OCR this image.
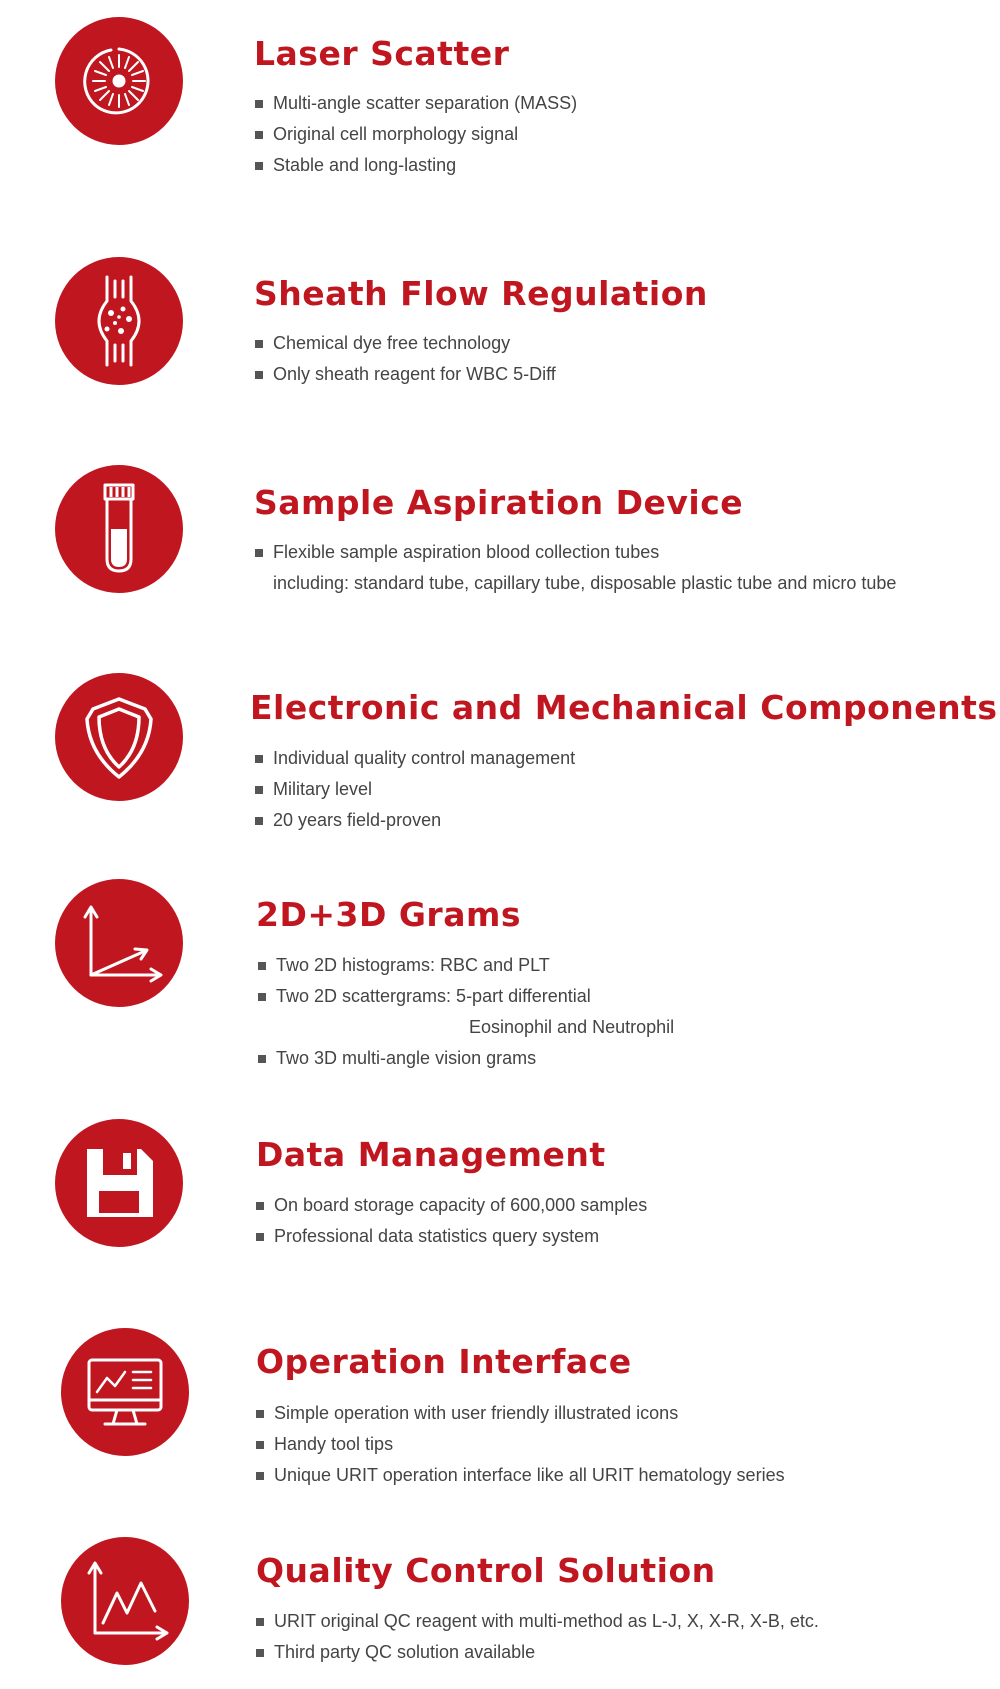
Laser Scatter
Multi-angle scatter separation (MASS)
Original cell morphology signal
Stable and long-lasting
Sheath Flow Regulation
Chemical dye free technology
Only sheath reagent for WBC 5-Diff
Sample Aspiration Device
Flexible sample aspiration blood collection tubes
including: standard tube, capillary tube, disposable plastic tube and micro tube
Electronic and Mechanical Components
Individual quality control management
Military level
20 years field-proven
2D+3D Grams
Two 2D histograms: RBC and PLT
Two 2D scattergrams: 5-part differential
Eosinophil and Neutrophil
Two 3D multi-angle vision grams
Data Management
On board storage capacity of 600,000 samples
Professional data statistics query system
Operation Interface
Simple operation with user friendly illustrated icons
Handy tool tips
Unique URIT operation interface like all URIT hematology series
Quality Control Solution
URIT original QC reagent with multi-method as L-J, X, X-R, X-B, etc.
Third party QC solution available
